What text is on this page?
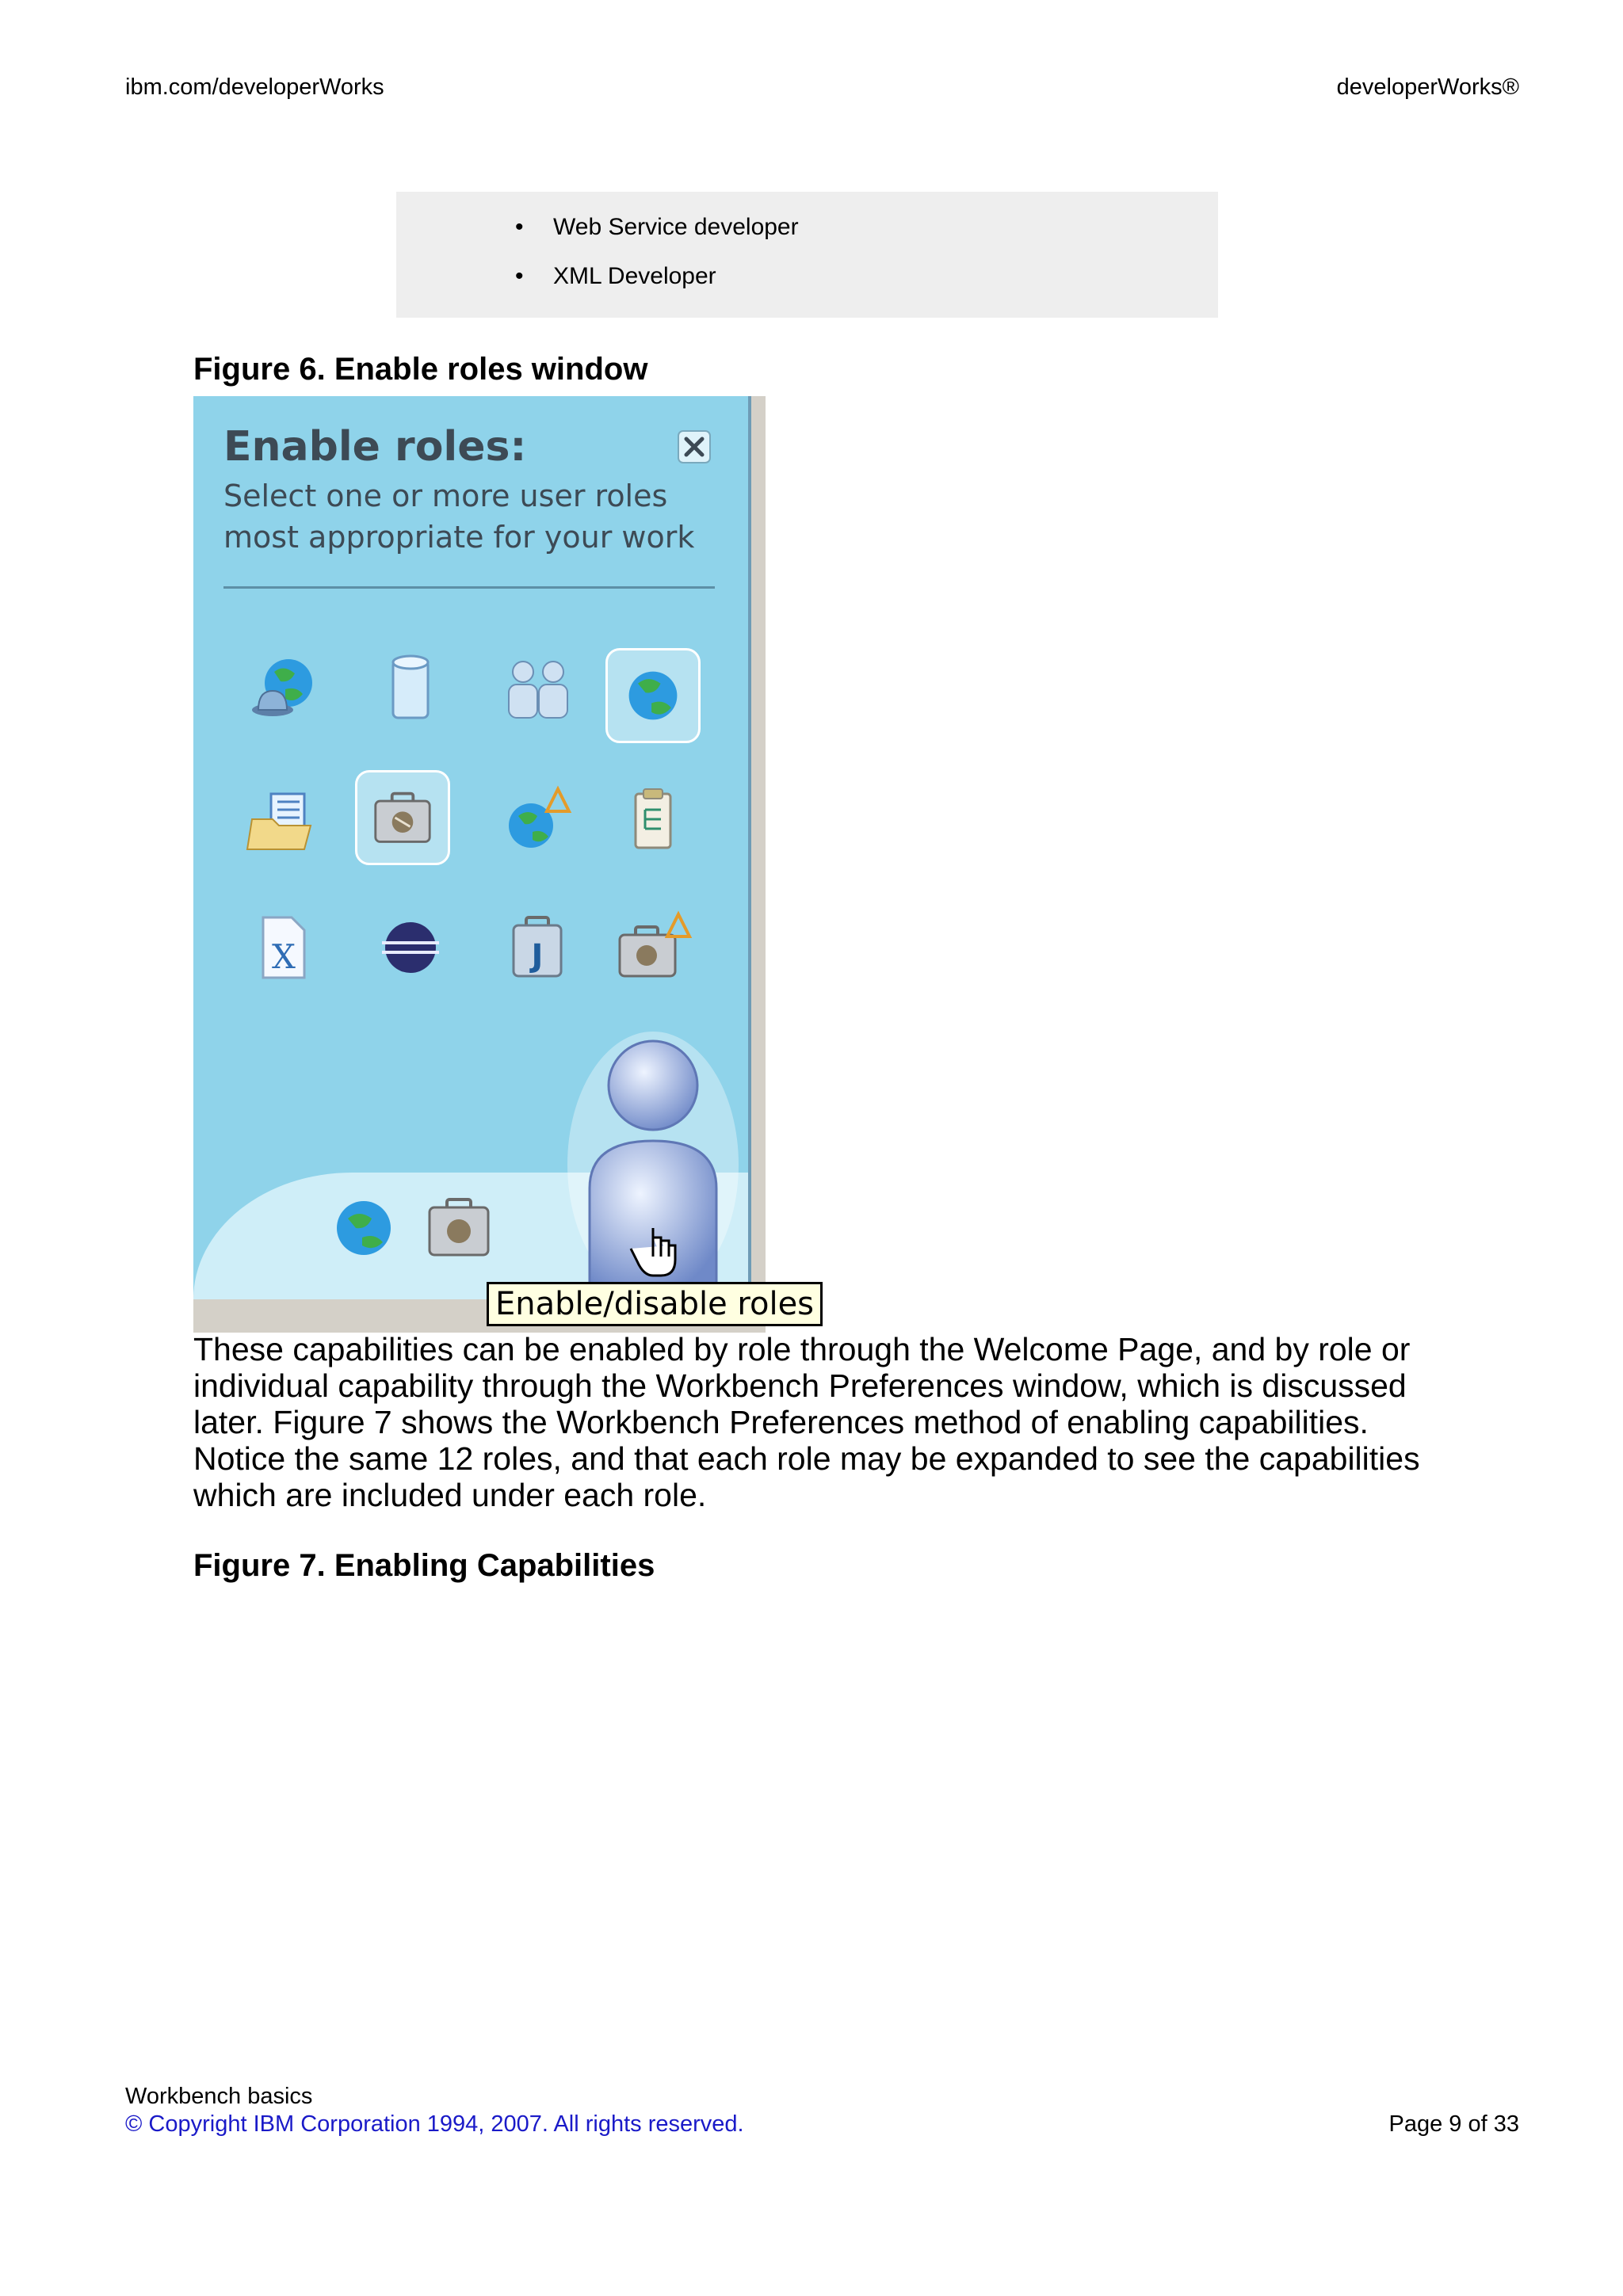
ibm.com/developerWorks	developerWorks®
• Web Service developer
• XML Developer
Figure 6. Enable roles window
Enable roles:
Select one or more user roles most appropriate for your work
X	J
Enable/disable roles
These capabilities can be enabled by role through the Welcome Page, and by role or individual capability through the Workbench Preferences window, which is discussed later. Figure 7 shows the Workbench Preferences method of enabling capabilities. Notice the same 12 roles, and that each role may be expanded to see the capabilities which are included under each role.
Figure 7. Enabling Capabilities
Workbench basics
© Copyright IBM Corporation 1994, 2007. All rights reserved.	Page 9 of 33
